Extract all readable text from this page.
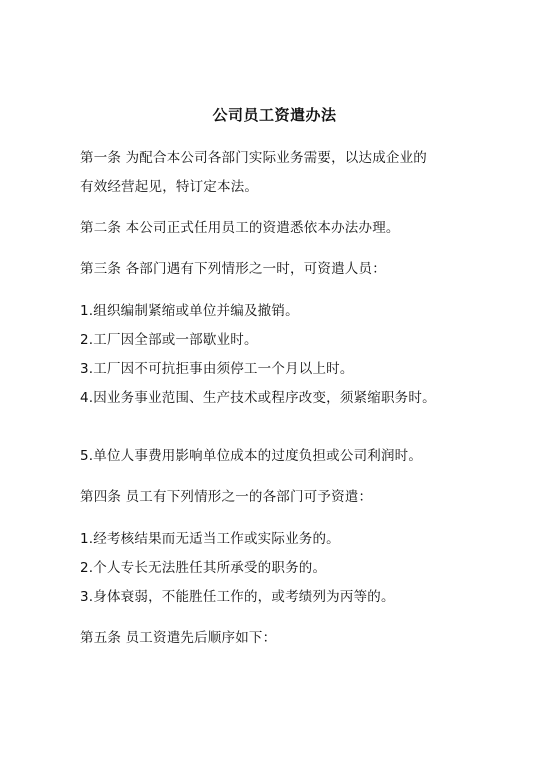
公司员工资遣办法
第一条 为配合本公司各部门实际业务需要，以达成企业的
有效经营起见，特订定本法。
第二条 本公司正式任用员工的资遣悉依本办法办理。
第三条 各部门遇有下列情形之一时，可资遣人员：
1.组织编制紧缩或单位并编及撤销。
2.工厂因全部或一部歇业时。
3.工厂因不可抗拒事由须停工一个月以上时。
4.因业务事业范围、生产技术或程序改变，须紧缩职务时。
5.单位人事费用影响单位成本的过度负担或公司利润时。
第四条 员工有下列情形之一的各部门可予资遣：
1.经考核结果而无适当工作或实际业务的。
2.个人专长无法胜任其所承受的职务的。
3.身体衰弱，不能胜任工作的，或考绩列为丙等的。
第五条 员工资遣先后顺序如下：
